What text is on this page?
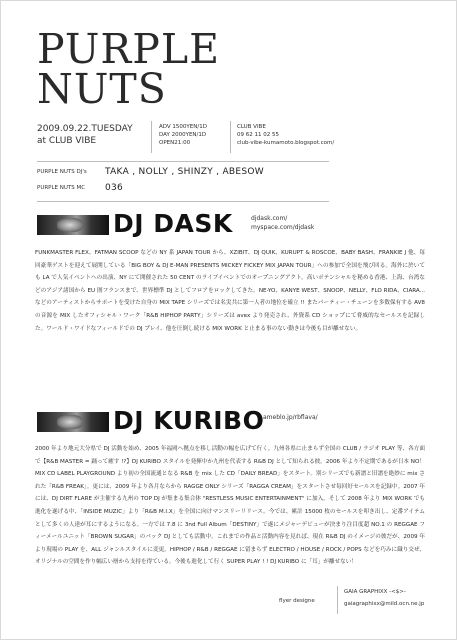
PURPLE
NUTS
2009.09.22.TUESDAY
at CLUB VIBE
ADV 1500YEN/1D
DAY 2000YEN/1D
OPEN21:00
CLUB VIBE
09 62 11 02 55
club-vibe-kumamoto.blogspot.com/
PURPLE NUTS DJ's TAKA , NOLLY , SHINZY , ABESOW
PURPLE NUTS MC 036
DJ DASK	djdask.com/
myspace.com/djdask
FUNKMASTER FLEX、FATMAN SCOOP などの NY 系 JAPAN TOUR から、XZIBIT、DJ QUIK、KURUPT & ROSCOE、BABY BASH、FRANKIE J 他、毎回豪華ゲストを迎えて展開している「BIG BOY & DJ E-MAN PRESENTS MICKEY FICKEY MIX JAPAN TOUR」への参加で全国を飛び回る。海外に於いても LA で人気イベントへの出演、NY にて開催された 50 CENT のライブイベントでのオープニングアクト。高いポテンシャルを秘める香港、上海、台湾などのアジア諸国から EU 圏フランスまで、世界標準 DJ としてフロアをロックしてきた。NE-YO、KANYE WEST、SNOOP、NELLY、FLO RIDA、CIARA... などのアーティストからサポートを受けた自身の MIX TAPE シリーズでは名実共に第一人者の地位を確立 !! またパーティー・チューンを多数保有する AV8 の音源を MIX したオフィシャル・ワーク「R&B HIPHOP PARTY」シリーズは avex より発売され、外資系 CD ショップにて脅威的なセールスを記録した。ワールド・ワイドなフィールドでの DJ プレイ、他を圧倒し続ける MIX WORK と止まる事のない動きは今後も目が離せない。
DJ KURIBO
ameblo.jp/rbflava/
2000 年より地元大分県で DJ 活動を始め、2005 年福岡へ拠点を移し活動の幅を広げて行く。九州各県に止まらず全国の CLUB / ラジオ PLAY 等、各方面で【R&B MASTER = 踊って癒す !?】DJ KURIBO スタイルを発揮中か九州を代表する R&B DJ として知られる彼。2006 年より不定期であるが日本 NO！MIX CD LABEL PLAYGROUND より初の全国流通となる R&B を mix した CD「DAILY BREAD」をスタート。別シリーズでも新譜と旧譜を絶妙に mix された「R&B FREAK」。更には、2009 年より各月ならから RAGGE ONLY シリーズ「RAGGA CREAM」をスタートさせ毎回好セールスを記録中。2007 年には、DJ DIRT FLARE が主催する九州の TOP DJ が集まる集合体 "RESTLESS MUSIC ENTERTAINMENT" に加入。そして 2008 年より MIX WORK でも進化を遂げる中、「INSIDE MUZIC」より「R&B M.I.X」を全国に向けマンスリーリリース。今では、累計 15000 枚のセールスを叩き出し、定番アイテムとして多くの人達が耳にするようになる。一方では 7.8 に 3nd Full Album「DESTINY」で遂にメジャーデビューが決まり注目度超 NO.1 の REGGAE フィーメールユニット「BROWN SUGAR」のバック DJ としても活動中。これまでの作品と活動内容を見れば、現在 R&B DJ のイメージの彼だが、2009 年より現場の PLAY を、ALL ジャンルスタイルに変更。HIPHOP / R&B / REGGAE に留まらず ELECTRO / HOUSE / ROCK / POPS などを巧みに織り交ぜ、オリジナルの空間を作り幅広い層から支持を得ている。今後も進化して行く SUPER PLAY ! ! DJ KURIBO に「耳」が離せない！
flyer designe
GAIA GRAPHIXX -<$>-
gaiagraphixx@mild.ocn.ne.jp
